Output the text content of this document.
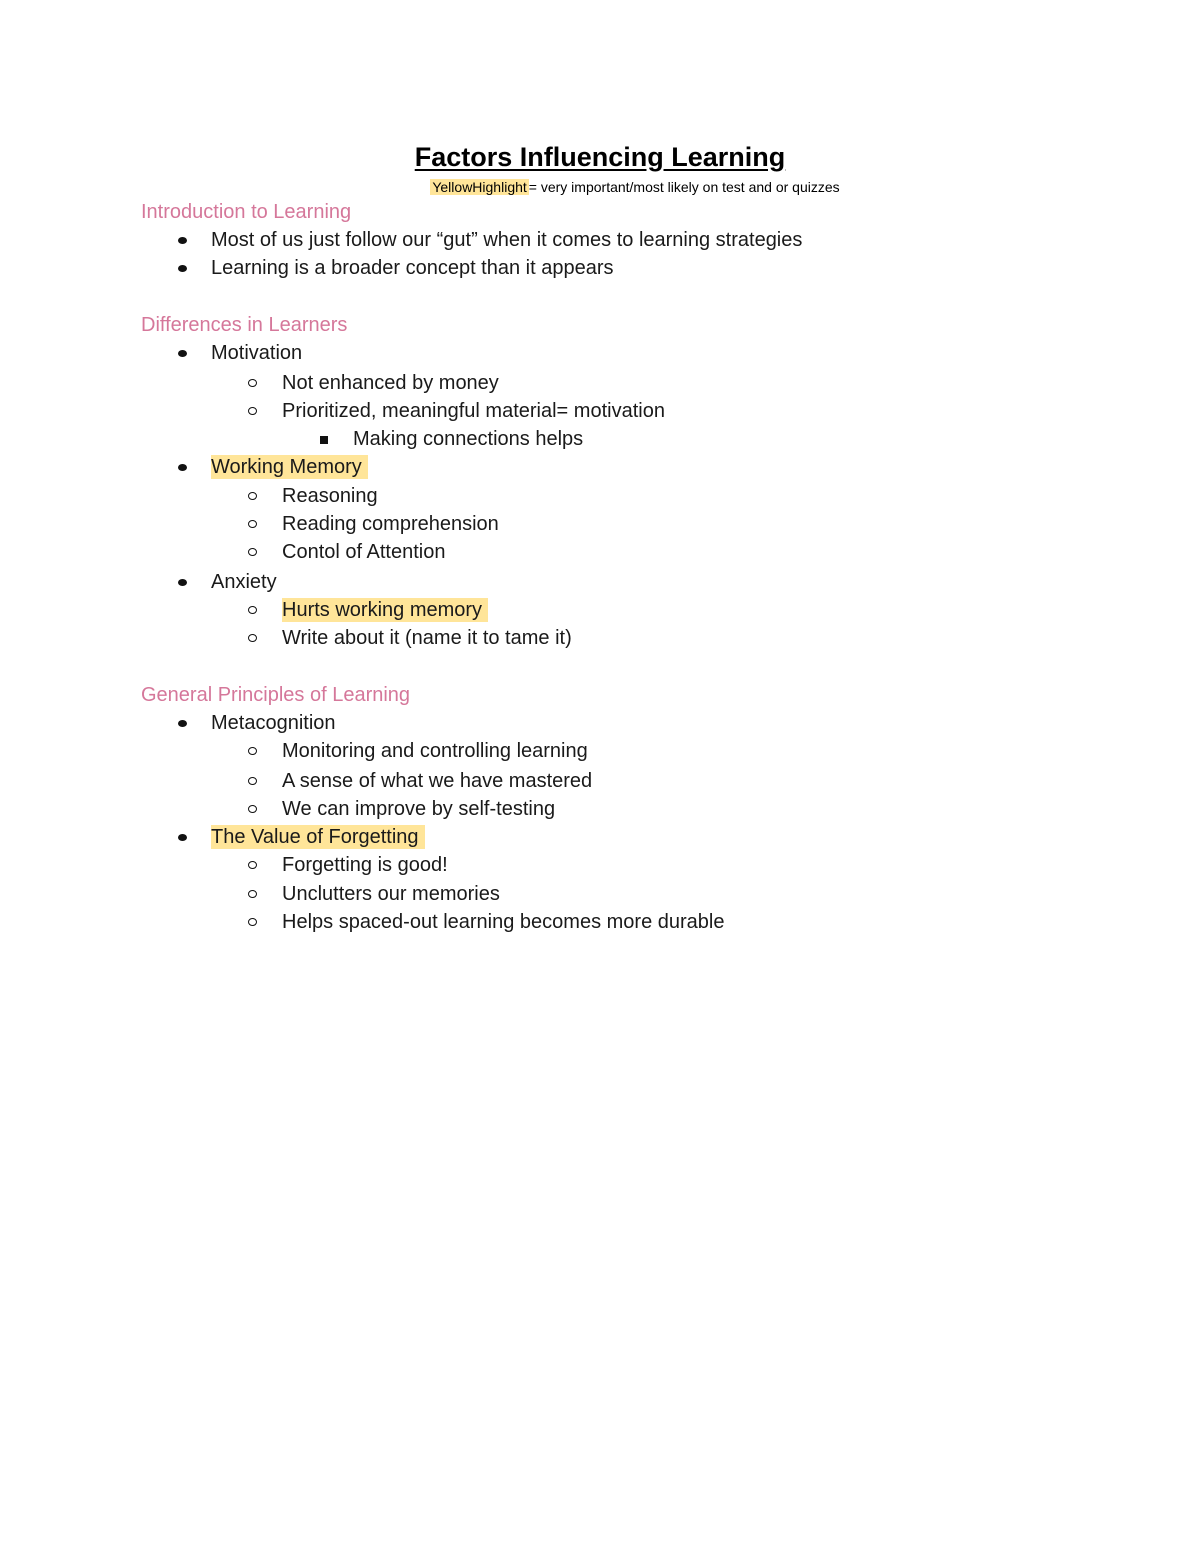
Factors Influencing Learning
YellowHighlight = very important/most likely on test and or quizzes
Introduction to Learning
Most of us just follow our “gut” when it comes to learning strategies
Learning is a broader concept than it appears
Differences in Learners
Motivation
Not enhanced by money
Prioritized, meaningful material= motivation
Making connections helps
Working Memory
Reasoning
Reading comprehension
Contol of Attention
Anxiety
Hurts working memory
Write about it (name it to tame it)
General Principles of Learning
Metacognition
Monitoring and controlling learning
A sense of what we have mastered
We can improve by self-testing
The Value of Forgetting
Forgetting is good!
Unclutters our memories
Helps spaced-out learning becomes more durable
